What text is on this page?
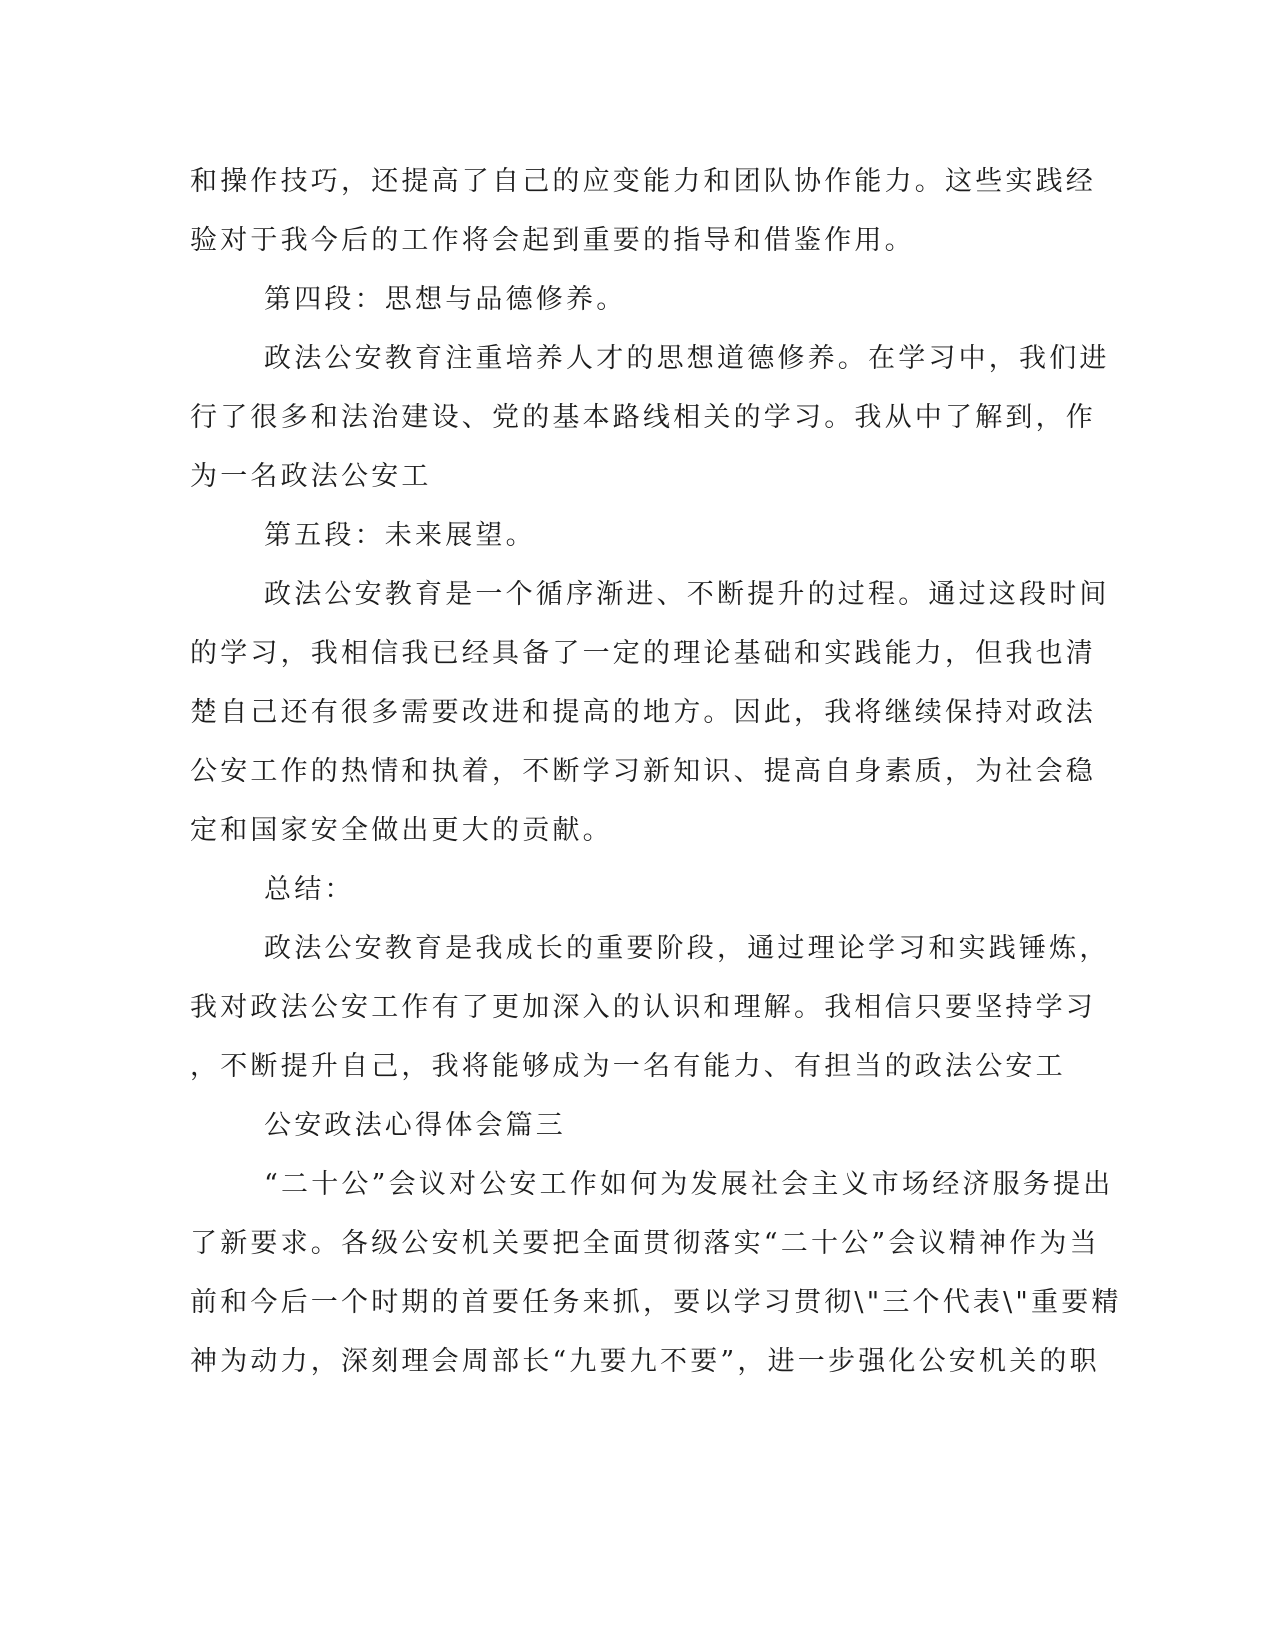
和操作技巧，还提高了自己的应变能力和团队协作能力。这些实践经
验对于我今后的工作将会起到重要的指导和借鉴作用。
第四段：思想与品德修养。
政法公安教育注重培养人才的思想道德修养。在学习中，我们进
行了很多和法治建设、党的基本路线相关的学习。我从中了解到，作
为一名政法公安工
第五段：未来展望。
政法公安教育是一个循序渐进、不断提升的过程。通过这段时间
的学习，我相信我已经具备了一定的理论基础和实践能力，但我也清
楚自己还有很多需要改进和提高的地方。因此，我将继续保持对政法
公安工作的热情和执着，不断学习新知识、提高自身素质，为社会稳
定和国家安全做出更大的贡献。
总结：
政法公安教育是我成长的重要阶段，通过理论学习和实践锤炼，
我对政法公安工作有了更加深入的认识和理解。我相信只要坚持学习
，不断提升自己，我将能够成为一名有能力、有担当的政法公安工
公安政法心得体会篇三
“二十公”会议对公安工作如何为发展社会主义市场经济服务提出
了新要求。各级公安机关要把全面贯彻落实“二十公”会议精神作为当
前和今后一个时期的首要任务来抓，要以学习贯彻\"三个代表\"重要精
神为动力，深刻理会周部长“九要九不要”，进一步强化公安机关的职
